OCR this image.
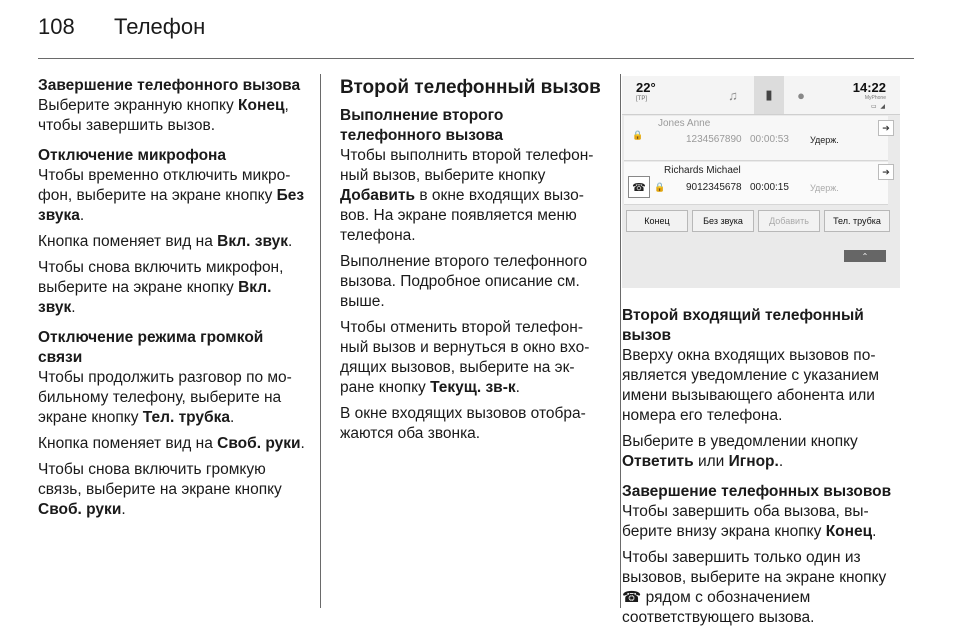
108 Телефон

Завершение телефонного вызова

Выберите экранную кнопку Конец, чтобы завершить вызов.

Отключение микрофона

Чтобы временно отключить микро-фон, выберите на экране кнопку Без звука.

Кнопка поменяет вид на Вкл. звук.

Чтобы снова включить микрофон, выберите на экране кнопку Вкл. звук.

Отключение режима громкой связи

Чтобы продолжить разговор по мо-бильному телефону, выберите на экране кнопку Тел. трубка.

Кнопка поменяет вид на Своб. руки.

Чтобы снова включить громкую связь, выберите на экране кнопку Своб. руки.

Второй телефонный вызов

Выполнение второго телефонного вызова

Чтобы выполнить второй телефон-ный вызов, выберите кнопку Добавить в окне входящих вызо-вов. На экране появляется меню телефона.

Выполнение второго телефонного вызова. Подробное описание см. выше.

Чтобы отменить второй телефон-ный вызов и вернуться в окно вхо-дящих вызовов, выберите на эк-ране кнопку Текущ. зв-к.

В окне входящих вызовов отобра-жаются оба звонка.

22°
[TP]	♫	▮	●	14:22
MyPhone
▭ ◢
🔒
Jones Anne
1234567890 00:00:53 Удерж.
➔
☎ 🔒
Richards Michael
9012345678 00:00:15 Удерж.
➔
Конец	Без звука	Добавить	Тел. трубка
⌃

Второй входящий телефонный вызов

Вверху окна входящих вызовов по-является уведомление с указанием имени вызывающего абонента или номера его телефона.

Выберите в уведомлении кнопку Ответить или Игнор..

Завершение телефонных вызовов

Чтобы завершить оба вызова, вы-берите внизу экрана кнопку Конец.

Чтобы завершить только один из вызовов, выберите на экране кнопку ☎ рядом с обозначением соответствующего вызова.
